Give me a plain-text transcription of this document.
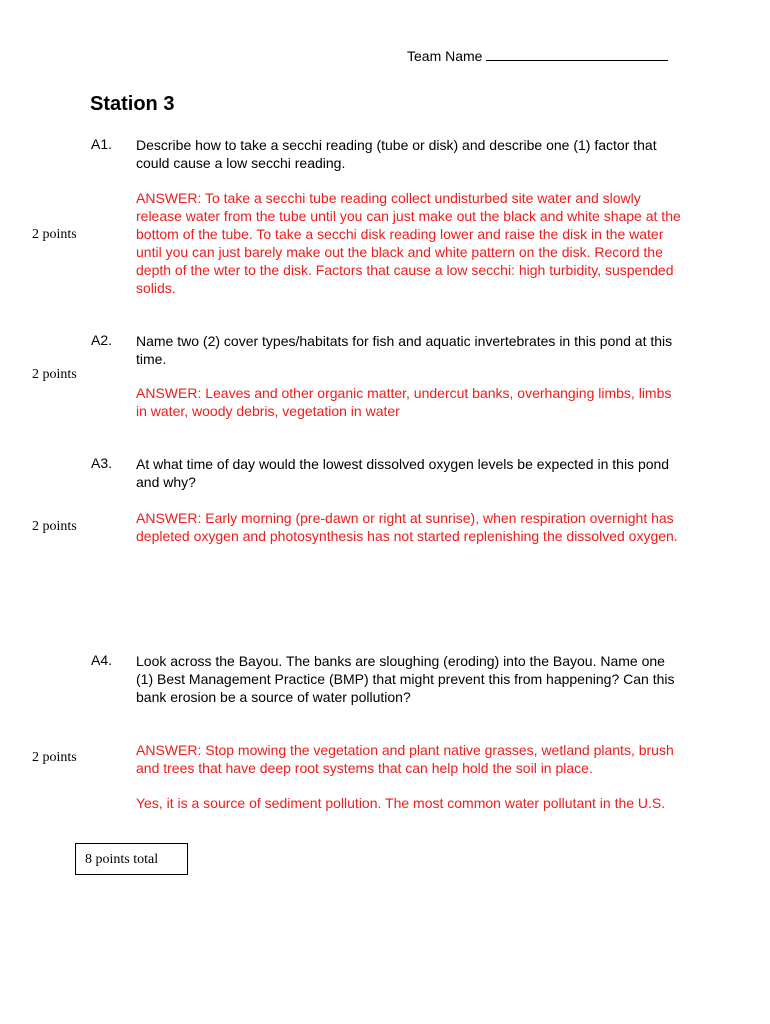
Team Name
Station 3
A1. Describe how to take a secchi reading (tube or disk) and describe one (1) factor that could cause a low secchi reading.
2 points

ANSWER: To take a secchi tube reading collect undisturbed site water and slowly release water from the tube until you can just make out the black and white shape at the bottom of the tube. To take a secchi disk reading lower and raise the disk in the water until you can just barely make out the black and white pattern on the disk. Record the depth of the wter to the disk. Factors that cause a low secchi: high turbidity, suspended solids.

A2. Name two (2) cover types/habitats for fish and aquatic invertebrates in this pond at this time.
2 points

ANSWER: Leaves and other organic matter, undercut banks, overhanging limbs, limbs in water, woody debris, vegetation in water

A3. At what time of day would the lowest dissolved oxygen levels be expected in this pond and why?
2 points

ANSWER: Early morning (pre-dawn or right at sunrise), when respiration overnight has depleted oxygen and photosynthesis has not started replenishing the dissolved oxygen.

A4. Look across the Bayou. The banks are sloughing (eroding) into the Bayou. Name one (1) Best Management Practice (BMP) that might prevent this from happening? Can this bank erosion be a source of water pollution?
2 points	ANSWER: Stop mowing the vegetation and plant native grasses, wetland plants, brush and trees that have deep root systems that can help hold the soil in place.

Yes, it is a source of sediment pollution. The most common water pollutant in the U.S.

8 points total
